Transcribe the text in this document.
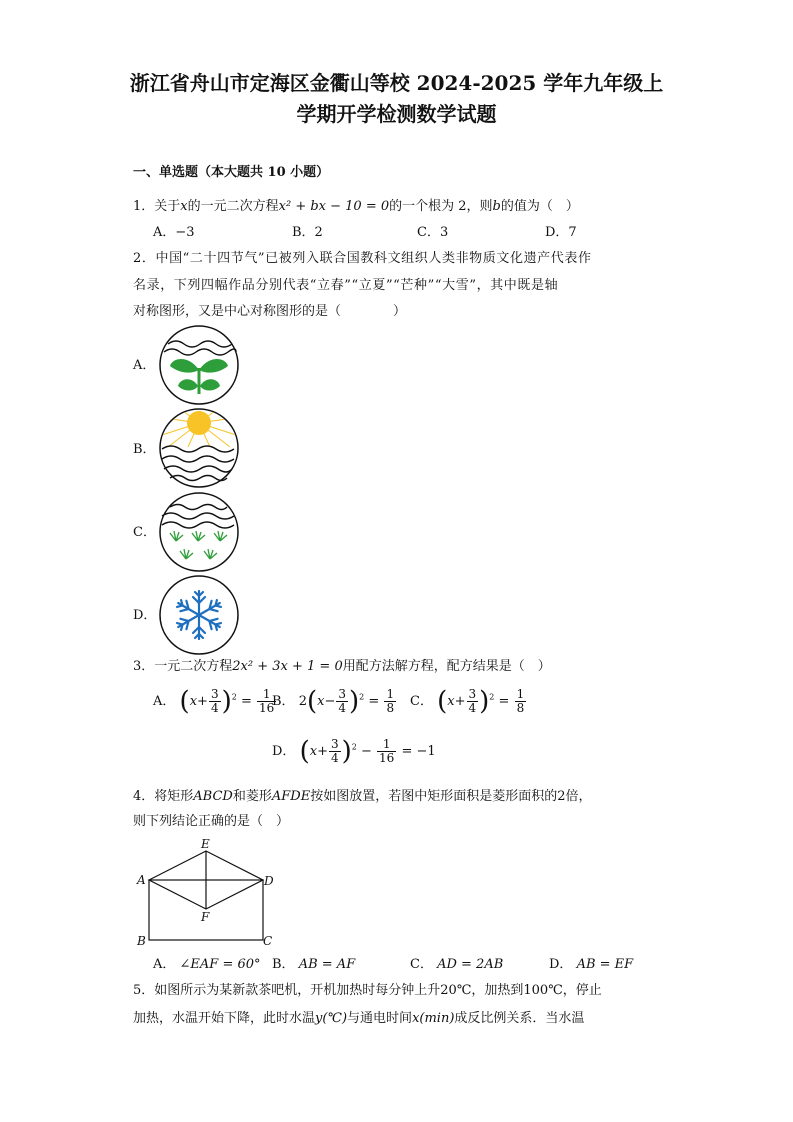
浙江省舟山市定海区金衢山等校 2024-2025 学年九年级上
学期开学检测数学试题
一、单选题（本大题共 10 小题）
1．关于x的一元二次方程x² + bx − 10 = 0的一个根为 2，则b的值为（　）
A．−3	B．2	C．3	D．7
2．中国“二十四节气”已被列入联合国教科文组织人类非物质文化遗产代表作
名录，下列四幅作品分别代表“立春”“立夏”“芒种”“大雪”，其中既是轴
对称图形，又是中心对称图形的是（　　　　）
A．
B．
C．
D．
3．一元二次方程2x² + 3x + 1 = 0用配方法解方程，配方结果是（　）
A． $(x+ \frac{3}{4} )^2 = \frac{1}{16}$
B． $2(x- \frac{3}{4} )^2 = \frac{1}{8}$ C． $(x+ \frac{3}{4} )^2 = \frac{1}{8}$
D． $(x+ \frac{3}{4} )^2 - \frac{1}{16} = -1$
4．将矩形ABCD和菱形AFDE按如图放置，若图中矩形面积是菱形面积的2倍，
则下列结论正确的是（　）
E
A	D
F
B	C
A． ∠EAF = 60° B． AB = AF	C． AD = 2AB	D． AB = EF
5．如图所示为某新款茶吧机，开机加热时每分钟上升20℃，加热到100℃，停止
加热，水温开始下降，此时水温y(℃)与通电时间x(min)成反比例关系．当水温
